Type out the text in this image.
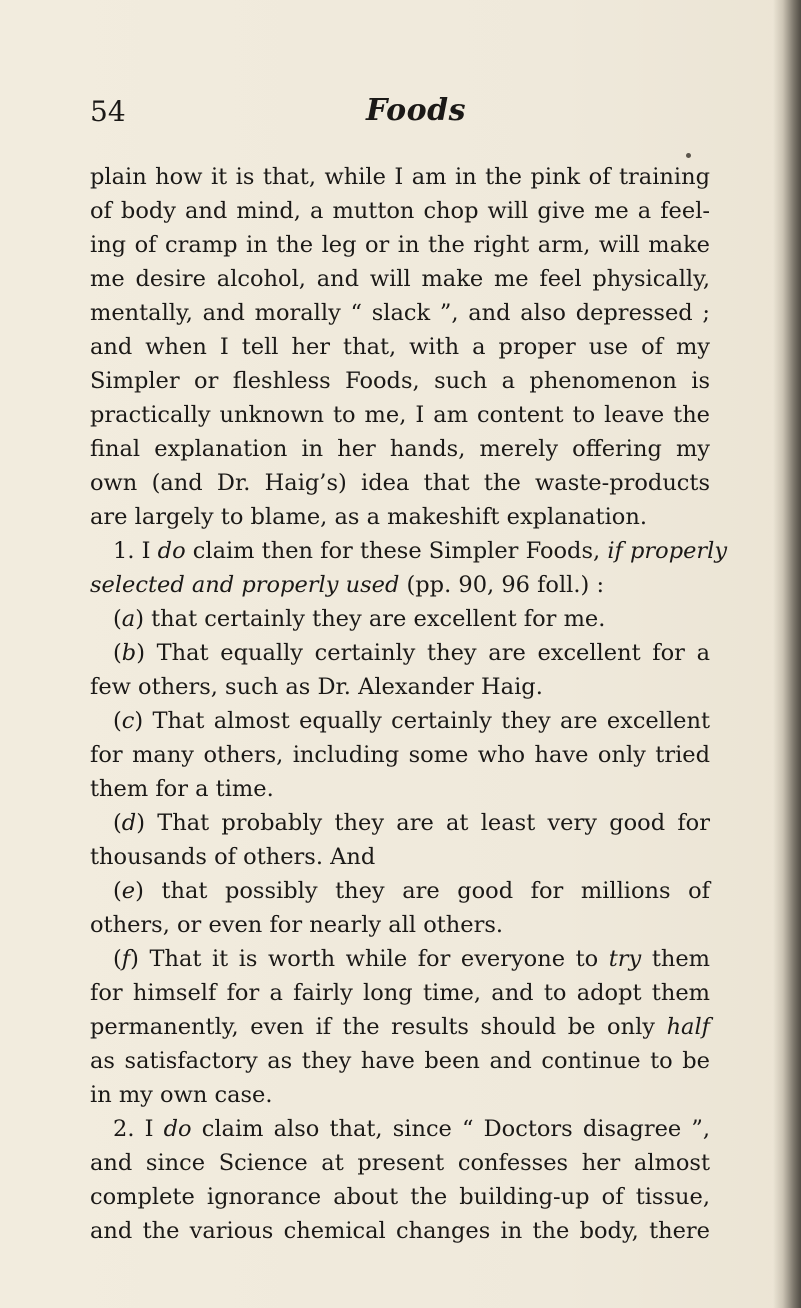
54	Foods
plain how it is that, while I am in the pink of training
of body and mind, a mutton chop will give me a feel-
ing of cramp in the leg or in the right arm, will make
me desire alcohol, and will make me feel physically,
mentally, and morally “ slack ”, and also depressed ;
and when I tell her that, with a proper use of my
Simpler or fleshless Foods, such a phenomenon is
practically unknown to me, I am content to leave the
final explanation in her hands, merely offering my
own (and Dr. Haig’s) idea that the waste-products
are largely to blame, as a makeshift explanation.
1. I do claim then for these Simpler Foods, if properly
selected and properly used (pp. 90, 96 foll.) :
(a) that certainly they are excellent for me.
(b) That equally certainly they are excellent for a
few others, such as Dr. Alexander Haig.
(c) That almost equally certainly they are excellent
for many others, including some who have only tried
them for a time.
(d) That probably they are at least very good for
thousands of others. And
(e) that possibly they are good for millions of
others, or even for nearly all others.
(f) That it is worth while for everyone to try them
for himself for a fairly long time, and to adopt them
permanently, even if the results should be only half
as satisfactory as they have been and continue to be
in my own case.
2. I do claim also that, since “ Doctors disagree ”,
and since Science at present confesses her almost
complete ignorance about the building-up of tissue,
and the various chemical changes in the body, there
